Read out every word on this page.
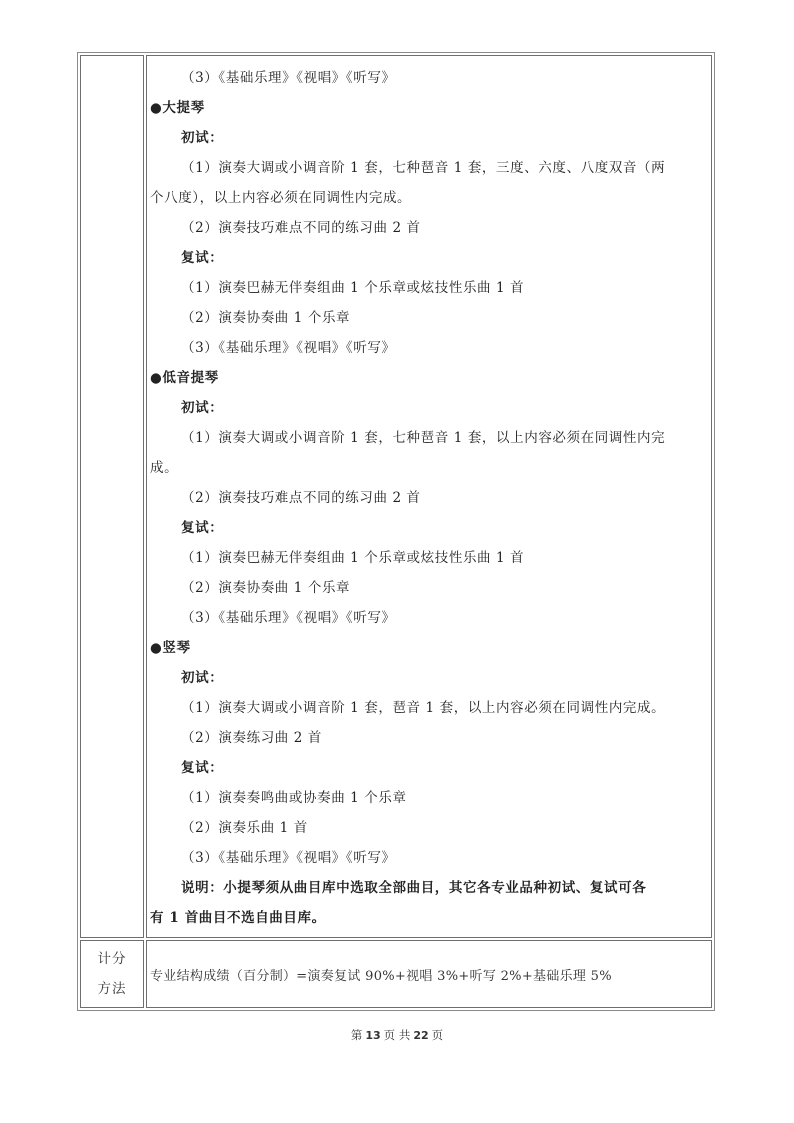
（3）《基础乐理》《视唱》《听写》
●大提琴
初试：
（1）演奏大调或小调音阶 1 套，七种琶音 1 套，三度、六度、八度双音（两
个八度），以上内容必须在同调性内完成。
（2）演奏技巧难点不同的练习曲 2 首
复试：
（1）演奏巴赫无伴奏组曲 1 个乐章或炫技性乐曲 1 首
（2）演奏协奏曲 1 个乐章
（3）《基础乐理》《视唱》《听写》
●低音提琴
初试：
（1）演奏大调或小调音阶 1 套，七种琶音 1 套，以上内容必须在同调性内完
成。
（2）演奏技巧难点不同的练习曲 2 首
复试：
（1）演奏巴赫无伴奏组曲 1 个乐章或炫技性乐曲 1 首
（2）演奏协奏曲 1 个乐章
（3）《基础乐理》《视唱》《听写》
●竖琴
初试：
（1）演奏大调或小调音阶 1 套，琶音 1 套，以上内容必须在同调性内完成。
（2）演奏练习曲 2 首
复试：
（1）演奏奏鸣曲或协奏曲 1 个乐章
（2）演奏乐曲 1 首
（3）《基础乐理》《视唱》《听写》
说明：小提琴须从曲目库中选取全部曲目，其它各专业品种初试、复试可各
有 1 首曲目不选自曲目库。
计分
方法
专业结构成绩（百分制）=演奏复试 90%+视唱 3%+听写 2%+基础乐理 5%
第 13 页 共 22 页
